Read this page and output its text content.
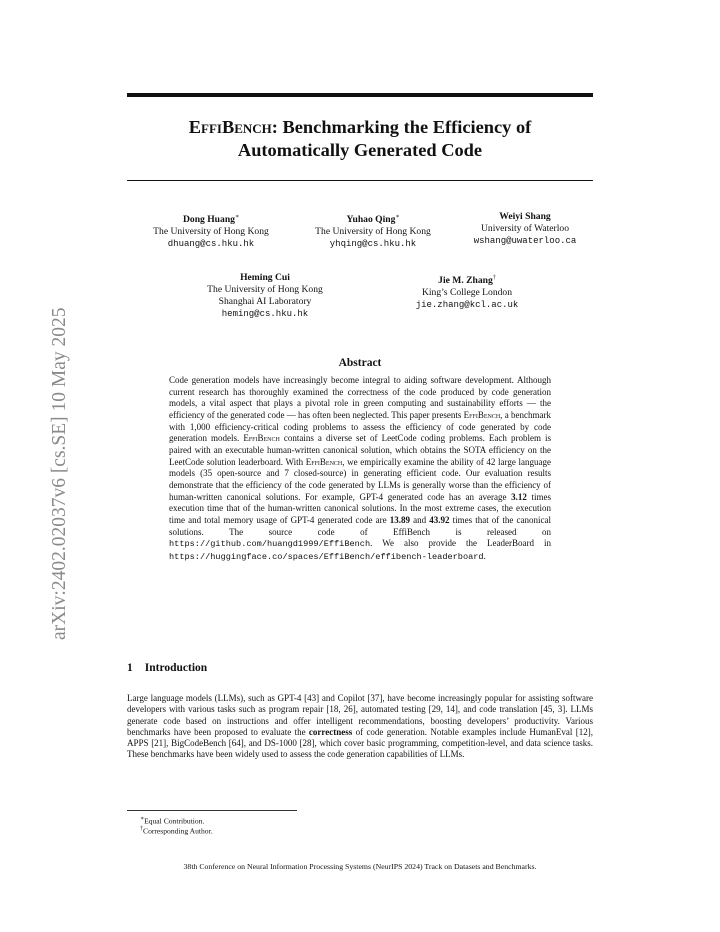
arXiv:2402.02037v6 [cs.SE] 10 May 2025
EffiBench: Benchmarking the Efficiency of
Automatically Generated Code
Dong Huang∗
The University of Hong Kong
dhuang@cs.hku.hk
Yuhao Qing∗
The University of Hong Kong
yhqing@cs.hku.hk
Weiyi Shang
University of Waterloo
wshang@uwaterloo.ca
Heming Cui
The University of Hong Kong
Shanghai AI Laboratory
heming@cs.hku.hk
Jie M. Zhang†
King’s College London
jie.zhang@kcl.ac.uk
Abstract
Code generation models have increasingly become integral to aiding software development. Although current research has thoroughly examined the correctness of the code produced by code generation models, a vital aspect that plays a pivotal role in green computing and sustainability efforts — the efficiency of the generated code — has often been neglected. This paper presents EffiBench, a benchmark with 1,000 efficiency-critical coding problems to assess the efficiency of code generated by code generation models. EffiBench contains a diverse set of LeetCode coding problems. Each problem is paired with an executable human-written canonical solution, which obtains the SOTA efficiency on the LeetCode solution leaderboard. With EffiBench, we empirically examine the ability of 42 large language models (35 open-source and 7 closed-source) in generating efficient code. Our evaluation results demonstrate that the efficiency of the code generated by LLMs is generally worse than the efficiency of human-written canonical solutions. For example, GPT-4 generated code has an average 3.12 times execution time that of the human-written canonical solutions. In the most extreme cases, the execution time and total memory usage of GPT-4 generated code are 13.89 and 43.92 times that of the canonical solutions. The source code of EffiBench is released on https://github.com/huangd1999/EffiBench. We also provide the LeaderBoard in https://huggingface.co/spaces/EffiBench/effibench-leaderboard.
1 Introduction
Large language models (LLMs), such as GPT-4 [43] and Copilot [37], have become increasingly popular for assisting software developers with various tasks such as program repair [18, 26], automated testing [29, 14], and code translation [45, 3]. LLMs generate code based on instructions and offer intelligent recommendations, boosting developers’ productivity. Various benchmarks have been proposed to evaluate the correctness of code generation. Notable examples include HumanEval [12], APPS [21], BigCodeBench [64], and DS-1000 [28], which cover basic programming, competition-level, and data science tasks. These benchmarks have been widely used to assess the code generation capabilities of LLMs.
∗Equal Contribution.
†Corresponding Author.
38th Conference on Neural Information Processing Systems (NeurIPS 2024) Track on Datasets and Benchmarks.
